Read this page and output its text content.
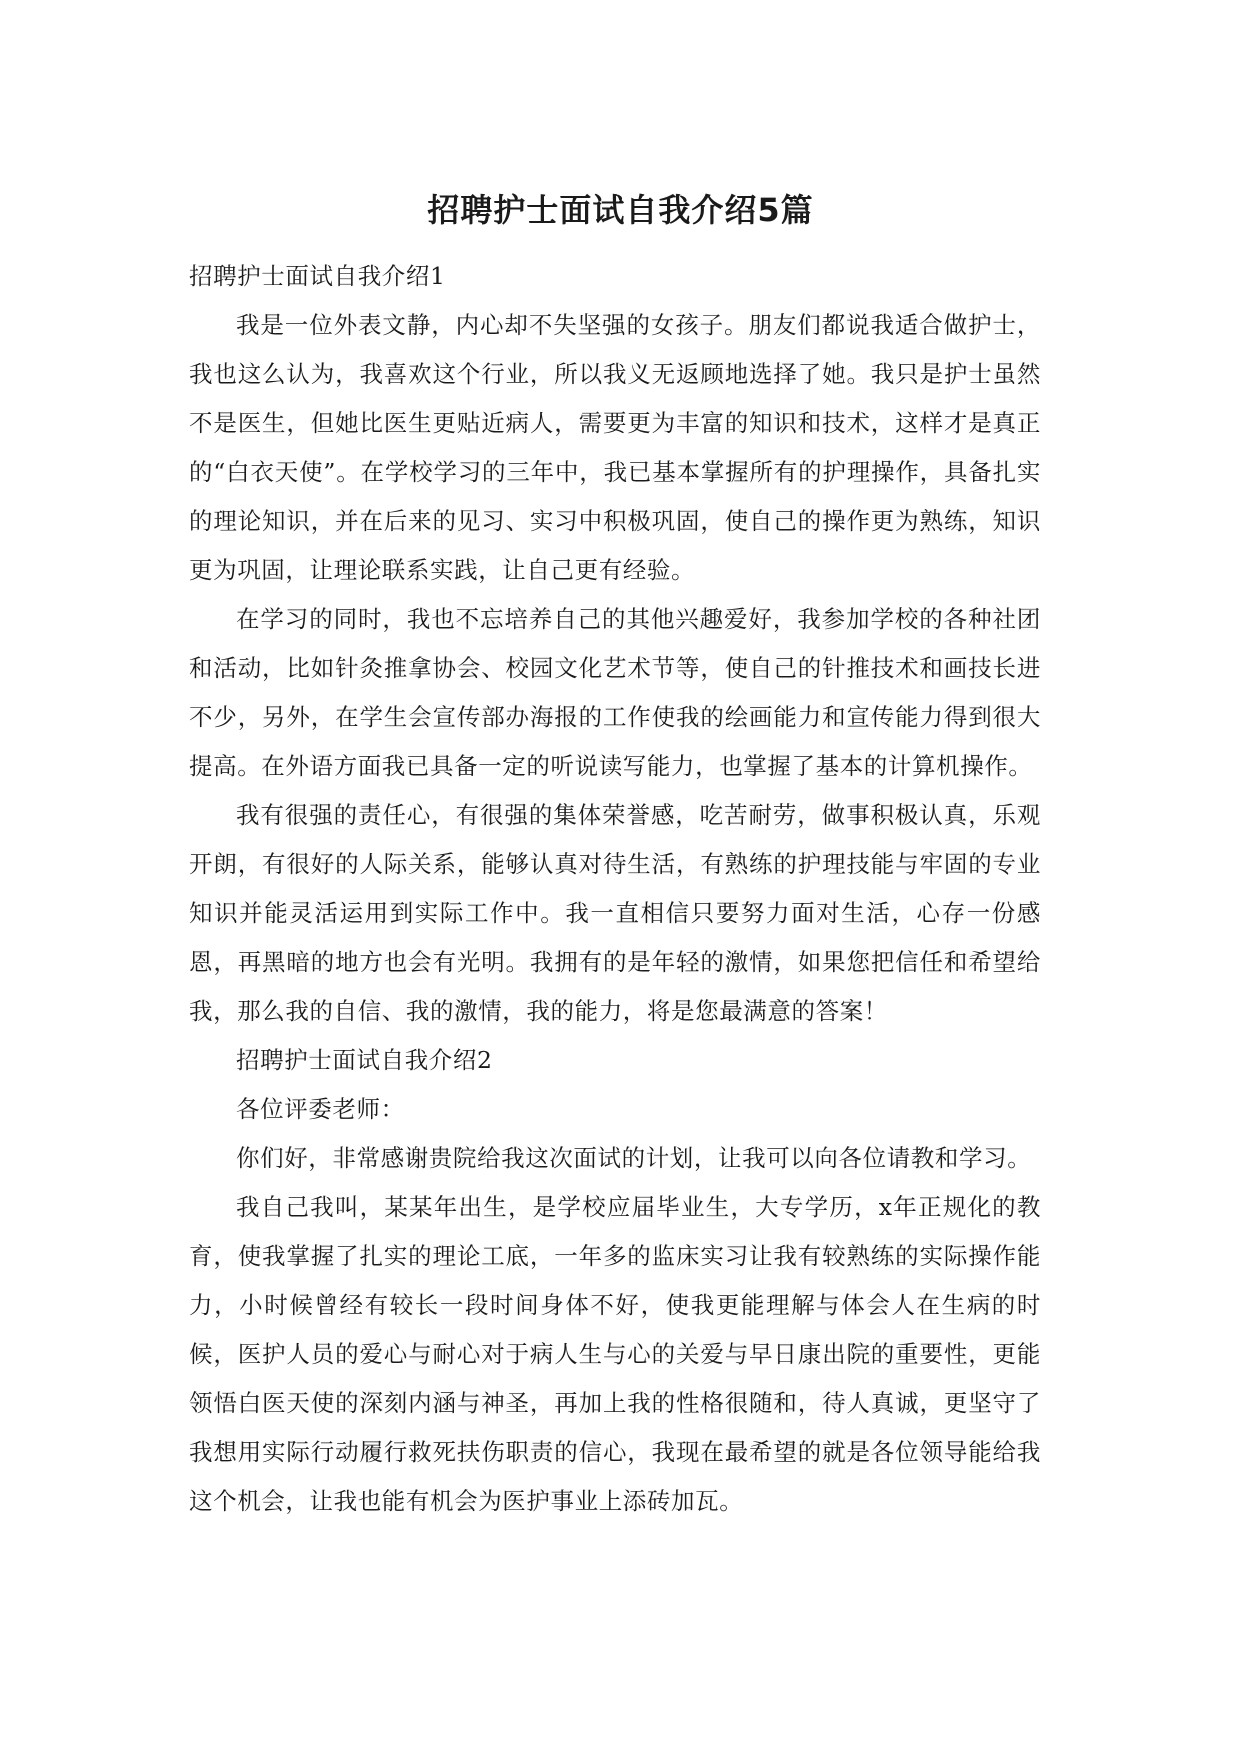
招聘护士面试自我介绍5篇

招聘护士面试自我介绍1

我是一位外表文静，内心却不失坚强的女孩子。朋友们都说我适合做护士，我也这么认为，我喜欢这个行业，所以我义无返顾地选择了她。我只是护士虽然不是医生，但她比医生更贴近病人，需要更为丰富的知识和技术，这样才是真正的“白衣天使”。在学校学习的三年中，我已基本掌握所有的护理操作，具备扎实的理论知识，并在后来的见习、实习中积极巩固，使自己的操作更为熟练，知识更为巩固，让理论联系实践，让自己更有经验。

在学习的同时，我也不忘培养自己的其他兴趣爱好，我参加学校的各种社团和活动，比如针灸推拿协会、校园文化艺术节等，使自己的针推技术和画技长进不少，另外，在学生会宣传部办海报的工作使我的绘画能力和宣传能力得到很大提高。在外语方面我已具备一定的听说读写能力，也掌握了基本的计算机操作。

我有很强的责任心，有很强的集体荣誉感，吃苦耐劳，做事积极认真，乐观开朗，有很好的人际关系，能够认真对待生活，有熟练的护理技能与牢固的专业知识并能灵活运用到实际工作中。我一直相信只要努力面对生活，心存一份感恩，再黑暗的地方也会有光明。我拥有的是年轻的激情，如果您把信任和希望给我，那么我的自信、我的激情，我的能力，将是您最满意的答案！

招聘护士面试自我介绍2

各位评委老师：

你们好，非常感谢贵院给我这次面试的计划，让我可以向各位请教和学习。

我自己我叫，某某年出生，是学校应届毕业生，大专学历，x年正规化的教育，使我掌握了扎实的理论工底，一年多的监床实习让我有较熟练的实际操作能力，小时候曾经有较长一段时间身体不好，使我更能理解与体会人在生病的时候，医护人员的爱心与耐心对于病人生与心的关爱与早日康出院的重要性，更能领悟白医天使的深刻内涵与神圣，再加上我的性格很随和，待人真诚，更坚守了我想用实际行动履行救死扶伤职责的信心，我现在最希望的就是各位领导能给我这个机会，让我也能有机会为医护事业上添砖加瓦。
